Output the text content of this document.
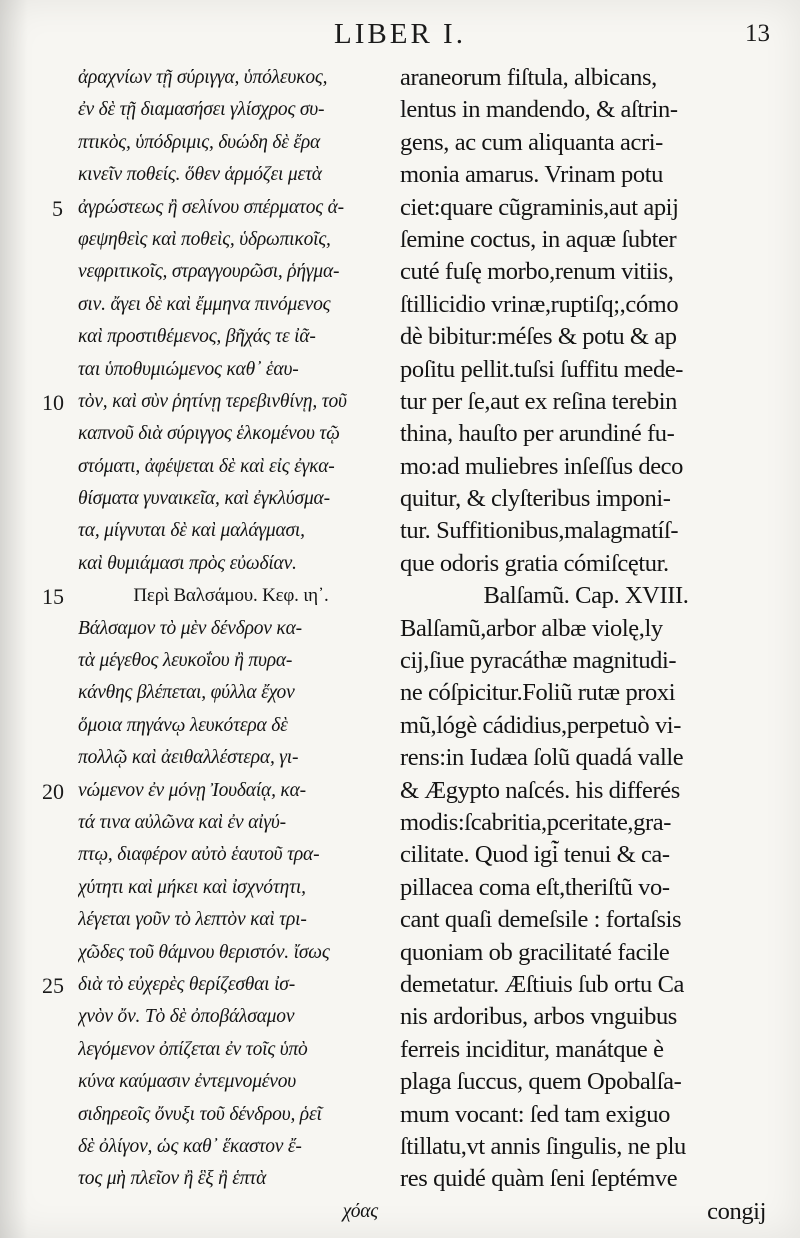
LIBER I.	13
5
10
15
20
25
ἀραχνίων τῇ σύριγγα, ὑπόλευκος,
ἐν δὲ τῇ διαμασήσει γλίσχρος συ-
πτικὸς, ὑπόδριμις, δυώδη δὲ ἔρα
κινεῖν ποθείς. ὅθεν ἁρμόζει μετὰ
ἀγρώστεως ἢ σελίνου σπέρματος ἀ-
φεψηθεὶς καὶ ποθεὶς, ὑδρωπικοῖς,
νεφριτικοῖς, στραγγουρῶσι, ῥήγμα-
σιν. ἄγει δὲ καὶ ἔμμηνα πινόμενος
καὶ προστιθέμενος, βῆχάς τε ἰᾶ-
ται ὑποθυμιώμενος καθ᾽ ἑαυ-
τὸν, καὶ σὺν ῥητίνῃ τερεβινθίνῃ, τοῦ
καπνοῦ διὰ σύριγγος ἑλκομένου τῷ
στόματι, ἀφέψεται δὲ καὶ εἰς ἐγκα-
θίσματα γυναικεῖα, καὶ ἐγκλύσμα-
τα, μίγνυται δὲ καὶ μαλάγμασι,
καὶ θυμιάμασι πρὸς εὐωδίαν.
Περὶ Βαλσάμου. Κεφ. ιη᾽.
Βάλσαμον τὸ μὲν δένδρον κα-
τὰ μέγεθος λευκοΐου ἢ πυρα-
κάνθης βλέπεται, φύλλα ἔχον
ὅμοια πηγάνῳ λευκότερα δὲ
πολλῷ καὶ ἀειθαλλέστερα, γι-
νώμενον ἐν μόνῃ Ἰουδαίᾳ, κα-
τά τινα αὐλῶνα καὶ ἐν αἰγύ-
πτῳ, διαφέρον αὐτὸ ἑαυτοῦ τρα-
χύτητι καὶ μήκει καὶ ἰσχνότητι,
λέγεται γοῦν τὸ λεπτὸν καὶ τρι-
χῶδες τοῦ θάμνου θεριστόν. ἴσως
διὰ τὸ εὐχερὲς θερίζεσθαι ἰσ-
χνὸν ὄν. Τὸ δὲ ὀποβάλσαμον
λεγόμενον ὀπίζεται ἐν τοῖς ὑπὸ
κύνα καύμασιν ἐντεμνομένου
σιδηρεοῖς ὄνυξι τοῦ δένδρου, ῥεῖ
δὲ ὀλίγον, ὡς καθ᾽ ἕκαστον ἔ-
τος μὴ πλεῖον ἢ ἓξ ἢ ἑπτὰ
χόας
araneorum fiſtula, albicans,
lentus in mandendo, & aſtrin-
gens, ac cum aliquanta acri-
monia amarus. Vrinam potu
ciet:quare cũgraminis,aut apij
ſemine coctus, in aquæ ſubter
cuté fuſę morbo,renum vitiis,
ſtillicidio vrinæ,ruptiſq;,cómo
dè bibitur:méſes & potu & ap
poſitu pellit.tuſsi ſuffitu mede-
tur per ſe,aut ex reſina terebin
thina, hauſto per arundiné fu-
mo:ad muliebres inſeſſus deco
quitur, & clyſteribus imponi-
tur. Suffitionibus,malagmatíſ-
que odoris gratia cómiſcętur.
Balſamũ. Cap. XVIII.
Balſamũ,arbor albæ violę,ly
cij,ſiue pyracáthæ magnitudi-
ne cóſpicitur.Foliũ rutæ proxi
mũ,lógè cádidius,perpetuò vi-
rens:in Iudæa ſolũ quadá valle
& Ægypto naſcés. his differés
modis:ſcabritia,pceritate,gra-
cilitate. Quod igi̇̃ tenui & ca-
pillacea coma eſt,theriſtũ vo-
cant quaſi demeſsile : fortaſsis
quoniam ob gracilitaté facile
demetatur. Æſtiuis ſub ortu Ca
nis ardoribus, arbos vnguibus
ferreis inciditur, manátque è
plaga ſuccus, quem Opobalſa-
mum vocant: ſed tam exiguo
ſtillatu,vt annis ſingulis, ne plu
res quidé quàm ſeni ſeptémve
congij
